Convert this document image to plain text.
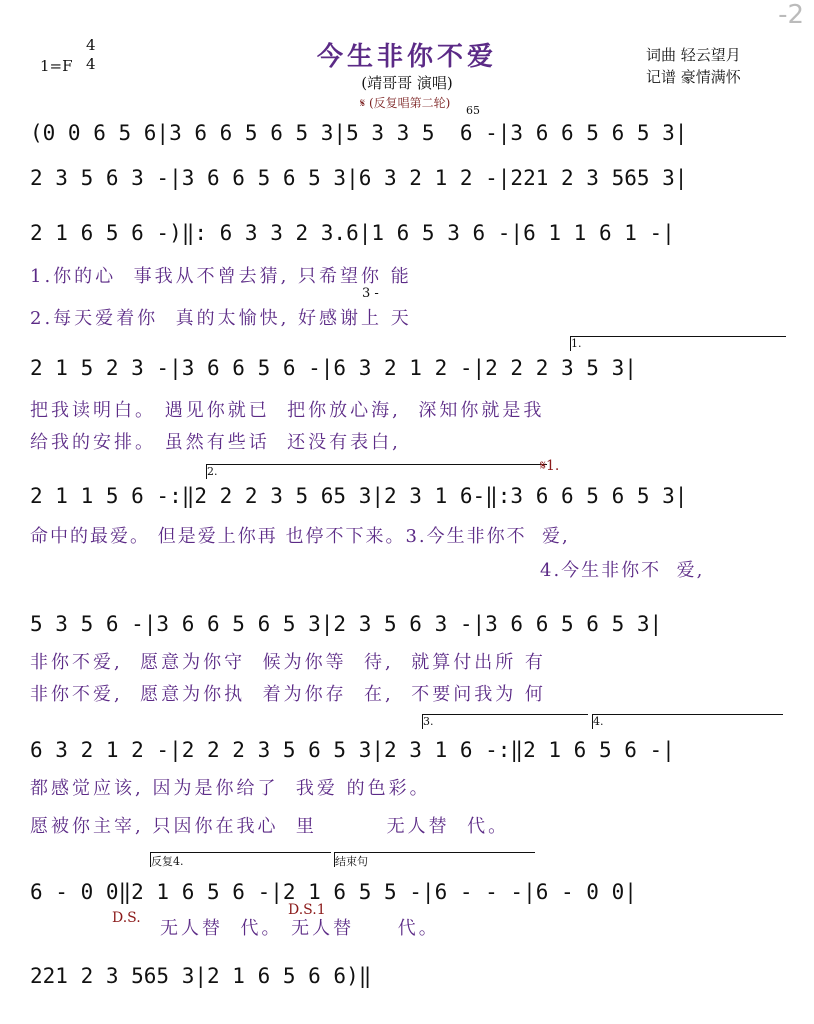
-2
1=F
4
4	今生非你不爱
(靖哥哥 演唱)
词曲 轻云望月
记谱 豪情满怀
𝄋 (反复唱第二轮)
65
(0 0 6 5 6|3 6 6 5 6 5 3|5 3 3 5  6 -|3 6 6 5 6 5 3|
2 3 5 6 3 -|3 6 6 5 6 5 3|6 3 2 1 2 -|221 2 3 565 3|
2 1 6 5 6 -)‖: 6 3 3 2 3.6|1 6 5 3 6 -|6 1 1 6 1 -|
1.你的心  事我从不曾去猜, 只希望你 能
3 -
2.每天爱着你  真的太愉快, 好感谢上 天
2 1 5 2 3 -|3 6 6 5 6 -|6 3 2 1 2 -|2 2 2 3 5 3|
1.
把我读明白。 遇见你就已  把你放心海,  深知你就是我
给我的安排。 虽然有些话  还没有表白,
2 1 1 5 6 -:‖2 2 2 3 5 65 3|2 3 1 6-‖:3 6 6 5 6 5 3|
2.	𝄋1.
命中的最爱。 但是爱上你再 也停不下来。3.今生非你不  爱,
4.今生非你不  爱,
5 3 5 6 -|3 6 6 5 6 5 3|2 3 5 6 3 -|3 6 6 5 6 5 3|
非你不爱,  愿意为你守  候为你等  待,  就算付出所 有
非你不爱,  愿意为你执  着为你存  在,  不要问我为 何
6 3 2 1 2 -|2 2 2 3 5 6 5 3|2 3 1 6 -:‖2 1 6 5 6 -|
3.	4.
都感觉应该, 因为是你给了  我爱 的色彩。
愿被你主宰, 只因你在我心  里        无人替  代。
6 - 0 0‖2 1 6 5 6 -|2 1 6 5 5 -|6 - - -|6 - 0 0|
反复4.	结束句
D.S.	D.S.1
无人替  代。 无人替     代。
221 2 3 565 3|2 1 6 5 6 6)‖
